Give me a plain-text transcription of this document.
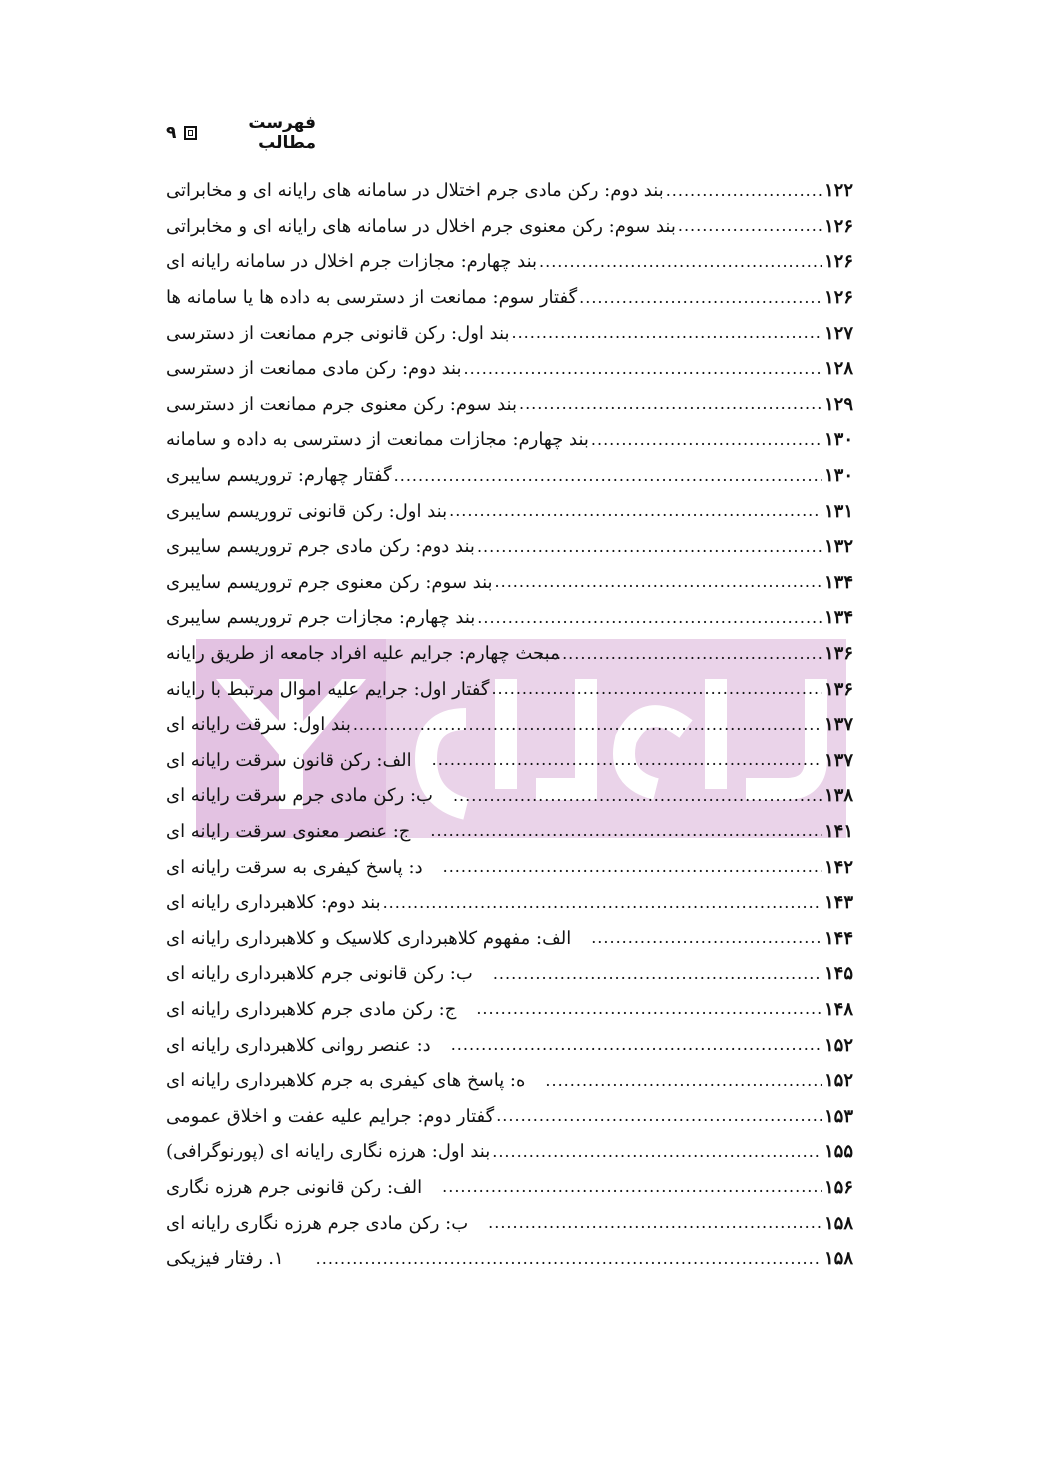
فهرست مطالب
۹
بند دوم: رکن مادی جرم اختلال در سامانه های رایانه ای و مخابراتی .....	۱۲۲
بند سوم: رکن معنوی جرم اخلال در سامانه های رایانه ای و مخابراتی .....	۱۲۶
بند چهارم: مجازات جرم اخلال در سامانه رایانه ای .....	۱۲۶
گفتار سوم: ممانعت از دسترسی به داده ها یا سامانه ها .....	۱۲۶
بند اول: رکن قانونی جرم ممانعت از دسترسی .....	۱۲۷
بند دوم: رکن مادی ممانعت از دسترسی .....	۱۲۸
بند سوم: رکن معنوی جرم ممانعت از دسترسی .....	۱۲۹
بند چهارم: مجازات ممانعت از دسترسی به داده و سامانه .....	۱۳۰
گفتار چهارم: تروریسم سایبری .....	۱۳۰
بند اول: رکن قانونی تروریسم سایبری .....	۱۳۱
بند دوم: رکن مادی جرم تروریسم سایبری .....	۱۳۲
بند سوم: رکن معنوی جرم تروریسم سایبری .....	۱۳۴
بند چهارم: مجازات جرم تروریسم سایبری .....	۱۳۴
مبحث چهارم: جرایم علیه افراد جامعه از طریق رایانه .....	۱۳۶
گفتار اول: جرایم علیه اموال مرتبط با رایانه .....	۱۳۶
بند اول: سرقت رایانه ای .....	۱۳۷
الف: رکن قانون سرقت رایانه ای .....	۱۳۷
ب: رکن مادی جرم سرقت رایانه ای .....	۱۳۸
ج: عنصر معنوی سرقت رایانه ای .....	۱۴۱
د: پاسخ کیفری به سرقت رایانه ای .....	۱۴۲
بند دوم: کلاهبرداری رایانه ای .....	۱۴۳
الف: مفهوم کلاهبرداری کلاسیک و کلاهبرداری رایانه ای .....	۱۴۴
ب: رکن قانونی جرم کلاهبرداری رایانه ای .....	۱۴۵
ج: رکن مادی جرم کلاهبرداری رایانه ای .....	۱۴۸
د: عنصر روانی کلاهبرداری رایانه ای .....	۱۵۲
ه: پاسخ های کیفری به جرم کلاهبرداری رایانه ای .....	۱۵۲
گفتار دوم: جرایم علیه عفت و اخلاق عمومی .....	۱۵۳
بند اول: هرزه نگاری رایانه ای (پورنوگرافی) .....	۱۵۵
الف: رکن قانونی جرم هرزه نگاری .....	۱۵۶
ب: رکن مادی جرم هرزه نگاری رایانه ای .....	۱۵۸
۱. رفتار فیزیکی .....	۱۵۸
